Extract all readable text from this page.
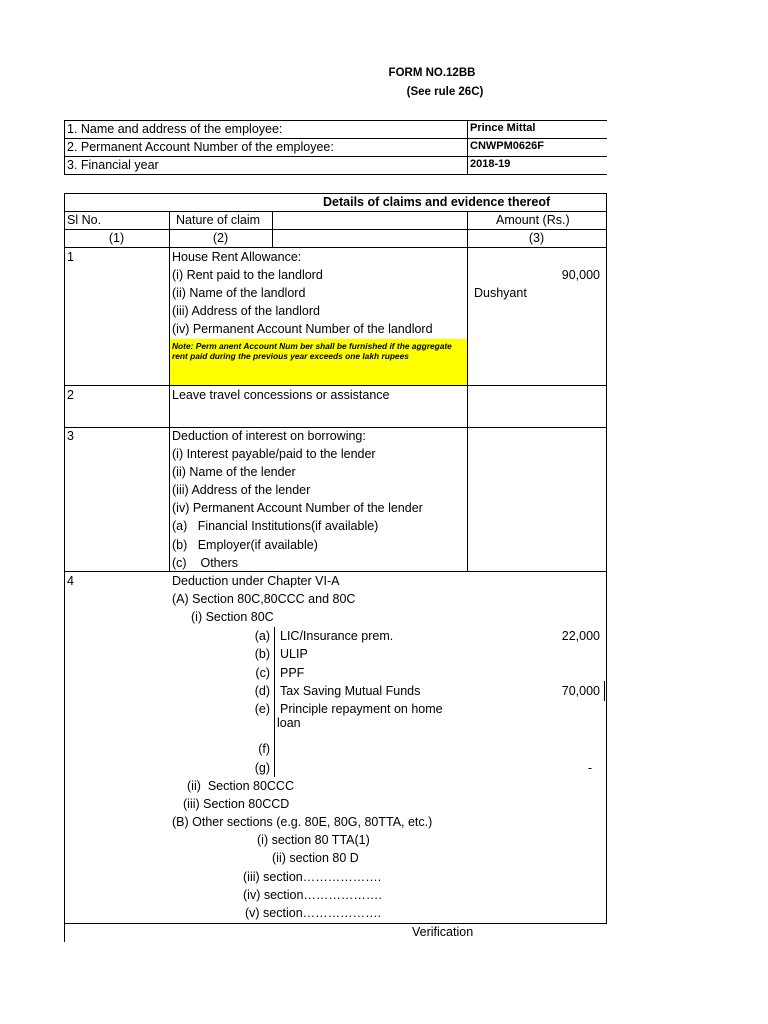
FORM NO.12BB
(See rule 26C)
1. Name and address of the employee:	Prince Mittal
2. Permanent Account Number of the employee:	CNWPM0626F
3. Financial year	2018-19
Details of claims and evidence thereof
Sl No.	Nature of claim	Amount (Rs.)
(1)	(2)	(3)
1	House Rent Allowance:
(i) Rent paid to the landlord	90,000
(ii) Name of the landlord	Dushyant
(iii) Address of the landlord
(iv) Permanent Account Number of the landlord
Note: Perm anent Account Num ber shall be furnished if the aggregate rent paid during the previous year exceeds one lakh rupees
2	Leave travel concessions or assistance
3	Deduction of interest on borrowing:
(i) Interest payable/paid to the lender
(ii) Name of the lender
(iii) Address of the lender
(iv) Permanent Account Number of the lender
(a)   Financial Institutions(if available)
(b)   Employer(if available)
(c)    Others
4	Deduction under Chapter VI-A
(A) Section 80C,80CCC and 80C
(i) Section 80C
(a) LIC/Insurance prem.	22,000
(b) ULIP
(c) PPF
(d) Tax Saving Mutual Funds	70,000
(e) Principle repayment on home
loan
(f)
(g)	-
(ii)  Section 80CCC
(iii) Section 80CCD
(B) Other sections (e.g. 80E, 80G, 80TTA, etc.)
(i) section 80 TTA(1)
(ii) section 80 D
(iii) section……………….
(iv) section……………….
(v) section……………….
Verification
